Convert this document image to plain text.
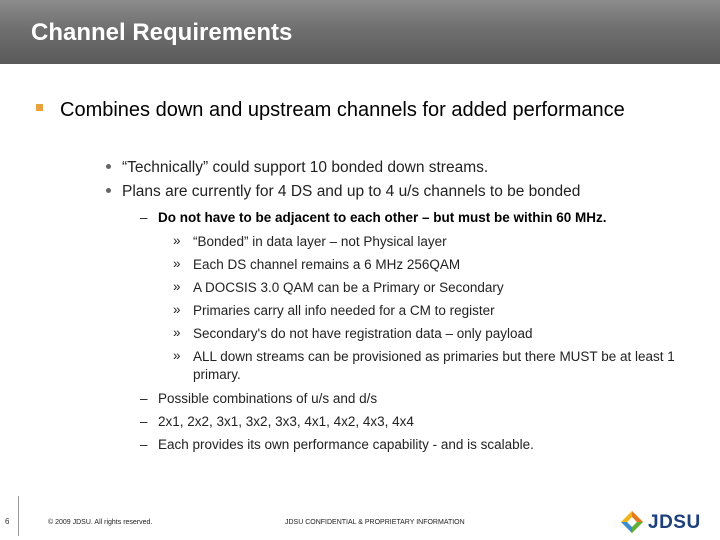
Channel Requirements
Combines down and upstream channels for added performance
“Technically” could support 10 bonded down streams.
Plans are currently for 4 DS and up to 4 u/s channels to be bonded
– Do not have to be adjacent to each other – but must be within 60 MHz.
» “Bonded” in data layer – not Physical layer
» Each DS channel remains a 6 MHz 256QAM
» A DOCSIS 3.0 QAM can be a Primary or Secondary
» Primaries carry all info needed for a CM to register
» Secondary's do not have registration data – only payload
» ALL down streams can be provisioned as primaries but there MUST be at least 1 primary.
– Possible combinations of u/s and d/s
– 2x1, 2x2, 3x1, 3x2, 3x3, 4x1, 4x2, 4x3, 4x4
– Each provides its own performance capability - and is scalable.
6	© 2009 JDSU. All rights reserved.	JDSU CONFIDENTIAL & PROPRIETARY INFORMATION	JDSU
